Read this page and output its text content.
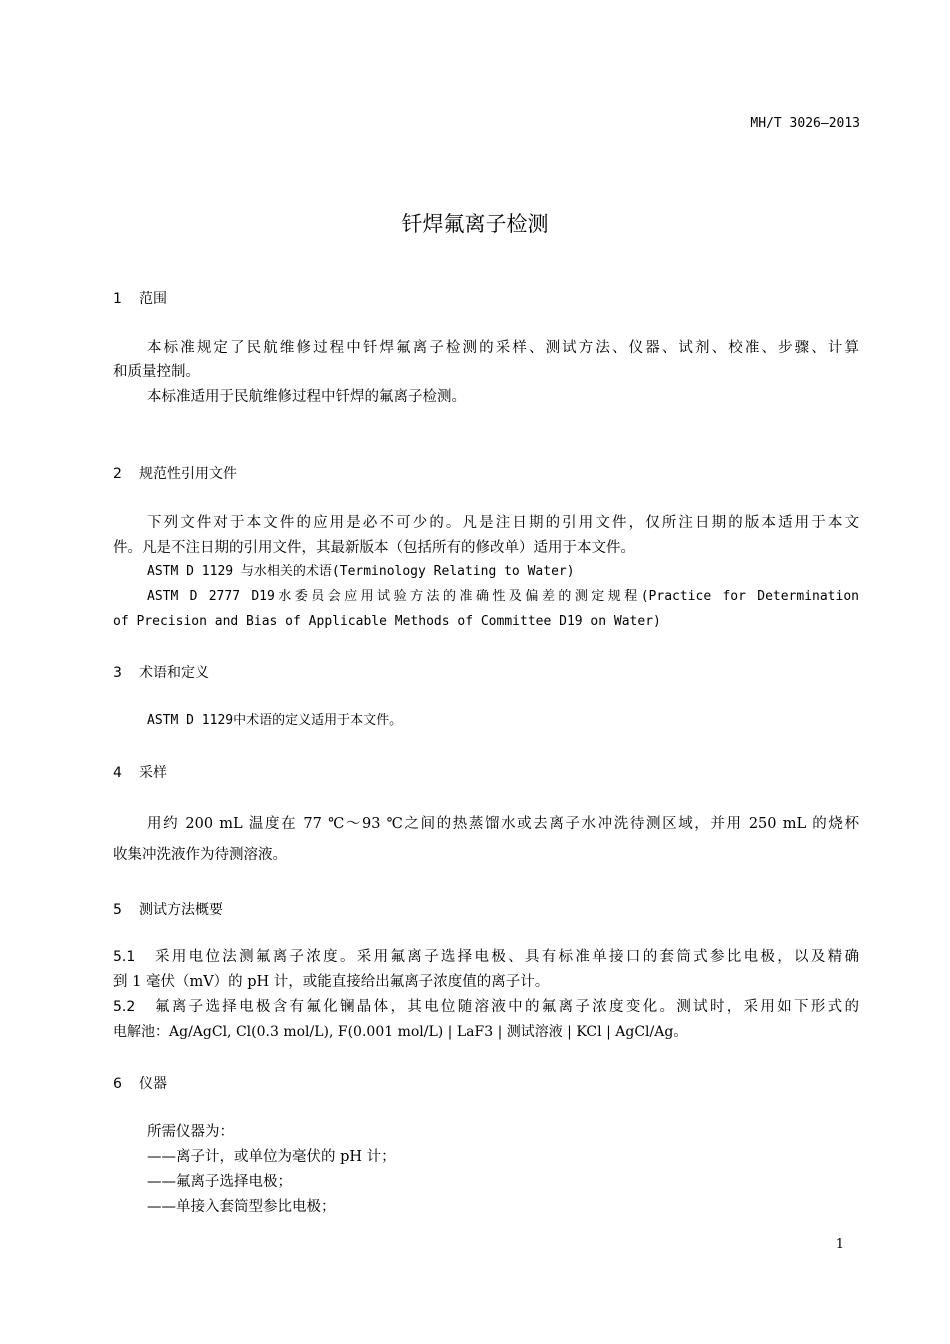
MH/T 3026—2013
钎焊氟离子检测
1 范围
本标准规定了民航维修过程中钎焊氟离子检测的采样、测试方法、仪器、试剂、校准、步骤、计算
和质量控制。
本标准适用于民航维修过程中钎焊的氟离子检测。
2 规范性引用文件
下列文件对于本文件的应用是必不可少的。凡是注日期的引用文件，仅所注日期的版本适用于本文
件。凡是不注日期的引用文件，其最新版本（包括所有的修改单）适用于本文件。
ASTM D 1129 与水相关的术语(Terminology Relating to Water)
ASTM D 2777 D19水委员会应用试验方法的准确性及偏差的测定规程(Practice for Determination
of Precision and Bias of Applicable Methods of Committee D19 on Water)
3 术语和定义
ASTM D 1129中术语的定义适用于本文件。
4 采样
用约 200 mL 温度在 77 ℃～93 ℃之间的热蒸馏水或去离子水冲洗待测区域，并用 250 mL 的烧杯
收集冲洗液作为待测溶液。
5 测试方法概要
5.1	采用电位法测氟离子浓度。采用氟离子选择电极、具有标准单接口的套筒式参比电极，以及精确
到 1 毫伏（mV）的 pH 计，或能直接给出氟离子浓度值的离子计。
5.2	氟离子选择电极含有氟化镧晶体，其电位随溶液中的氟离子浓度变化。测试时，采用如下形式的
电解池：Ag/AgCl, Cl(0.3 mol/L), F(0.001 mol/L) | LaF3 | 测试溶液 | KCl | AgCl/Ag。
6 仪器
所需仪器为：
——离子计，或单位为毫伏的 pH 计；
——氟离子选择电极；
——单接入套筒型参比电极；
1
